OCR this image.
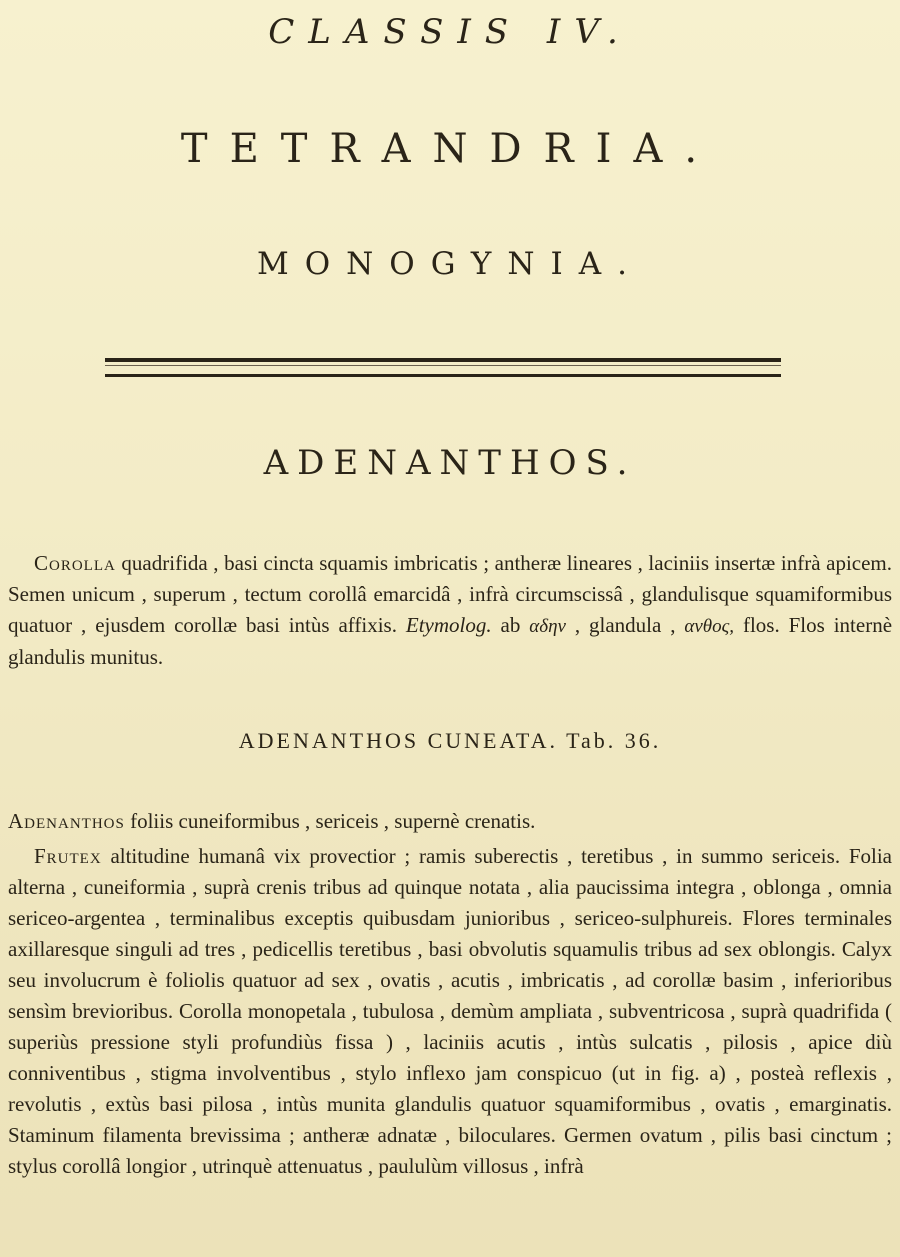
CLASSIS IV.
TETRANDRIA.
MONOGYNIA.
ADENANTHOS.
Corolla quadrifida , basi cincta squamis imbricatis ; antheræ lineares , laciniis insertæ infrà apicem. Semen unicum , superum , tectum corollâ emarcidâ , infrà circumscissâ , glandulisque squamiformibus quatuor , ejusdem corollæ basi intùs affixis. Etymolog. ab αδην , glandula , ανθος, flos. Flos internè glandulis munitus.
ADENANTHOS CUNEATA. Tab. 36.
Adenanthos foliis cuneiformibus , sericeis , supernè crenatis.
Frutex altitudine humanâ vix provectior ; ramis suberectis , teretibus , in summo sericeis. Folia alterna , cuneiformia , suprà crenis tribus ad quinque notata , alia paucissima integra , oblonga , omnia sericeo-argentea , terminalibus exceptis quibusdam junioribus , sericeo-sulphureis. Flores terminales axillaresque singuli ad tres , pedicellis teretibus , basi obvolutis squamulis tribus ad sex oblongis. Calyx seu involucrum è foliolis quatuor ad sex , ovatis , acutis , imbricatis , ad corollæ basim , inferioribus sensìm brevioribus. Corolla monopetala , tubulosa , demùm ampliata , subventricosa , suprà quadrifida ( superiùs pressione styli profundiùs fissa ) , laciniis acutis , intùs sulcatis , pilosis , apice diù conniventibus , stigma involventibus , stylo inflexo jam conspicuo (ut in fig. a) , posteà reflexis , revolutis , extùs basi pilosa , intùs munita glandulis quatuor squamiformibus , ovatis , emarginatis. Staminum filamenta brevissima ; antheræ adnatæ , biloculares. Germen ovatum , pilis basi cinctum ; stylus corollâ longior , utrinquè attenuatus , paululùm villosus , infrà
